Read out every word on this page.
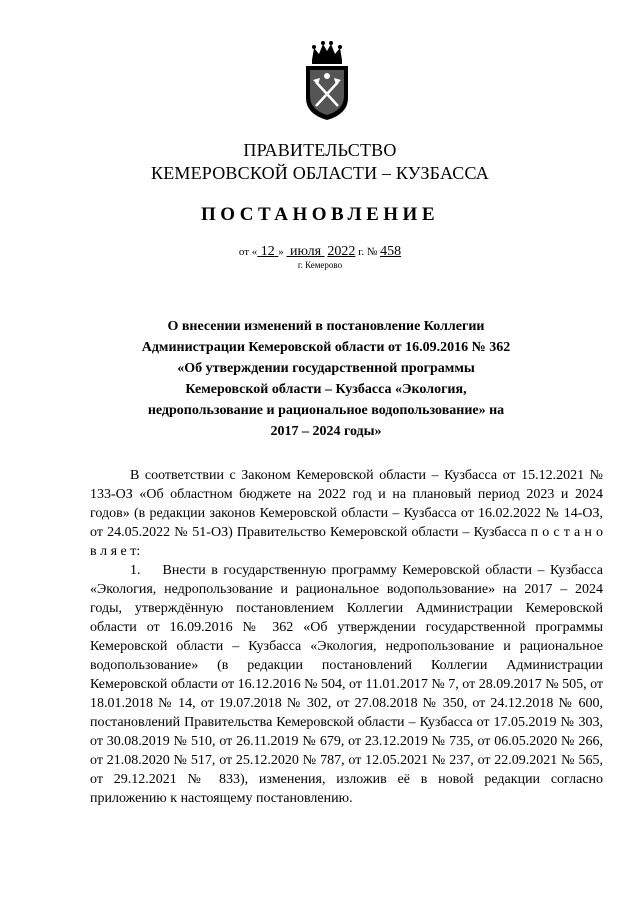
ПРАВИТЕЛЬСТВО
КЕМЕРОВСКОЙ ОБЛАСТИ – КУЗБАССА
ПОСТАНОВЛЕНИЕ
от « 12 » июля 2022 г. № 458
г. Кемерово
О внесении изменений в постановление Коллегии Администрации Кемеровской области от 16.09.2016 № 362 «Об утверждении государственной программы Кемеровской области – Кузбасса «Экология, недропользование и рациональное водопользование» на 2017 – 2024 годы»

В соответствии с Законом Кемеровской области – Кузбасса от 15.12.2021 № 133-ОЗ «Об областном бюджете на 2022 год и на плановый период 2023 и 2024 годов» (в редакции законов Кемеровской области – Кузбасса от 16.02.2022 № 14-ОЗ, от 24.05.2022 № 51-ОЗ) Правительство Кемеровской области – Кузбасса п о с т а н о в л я е т:

1.    Внести в государственную программу Кемеровской области – Кузбасса «Экология, недропользование и рациональное водопользование» на 2017 – 2024 годы, утверждённую постановлением Коллегии Администрации Кемеровской области от 16.09.2016 № 362 «Об утверждении государственной программы Кемеровской области – Кузбасса «Экология, недропользование и рациональное водопользование» (в редакции постановлений Коллегии Администрации Кемеровской области от 16.12.2016 № 504, от 11.01.2017 № 7, от 28.09.2017 № 505, от 18.01.2018 № 14, от 19.07.2018 № 302, от 27.08.2018 № 350, от 24.12.2018 № 600, постановлений Правительства Кемеровской области – Кузбасса от 17.05.2019 № 303, от 30.08.2019 № 510, от 26.11.2019 № 679, от 23.12.2019 № 735, от 06.05.2020 № 266, от 21.08.2020 № 517, от 25.12.2020 № 787, от 12.05.2021 № 237, от 22.09.2021 № 565, от 29.12.2021 № 833), изменения, изложив её в новой редакции согласно приложению к настоящему постановлению.
